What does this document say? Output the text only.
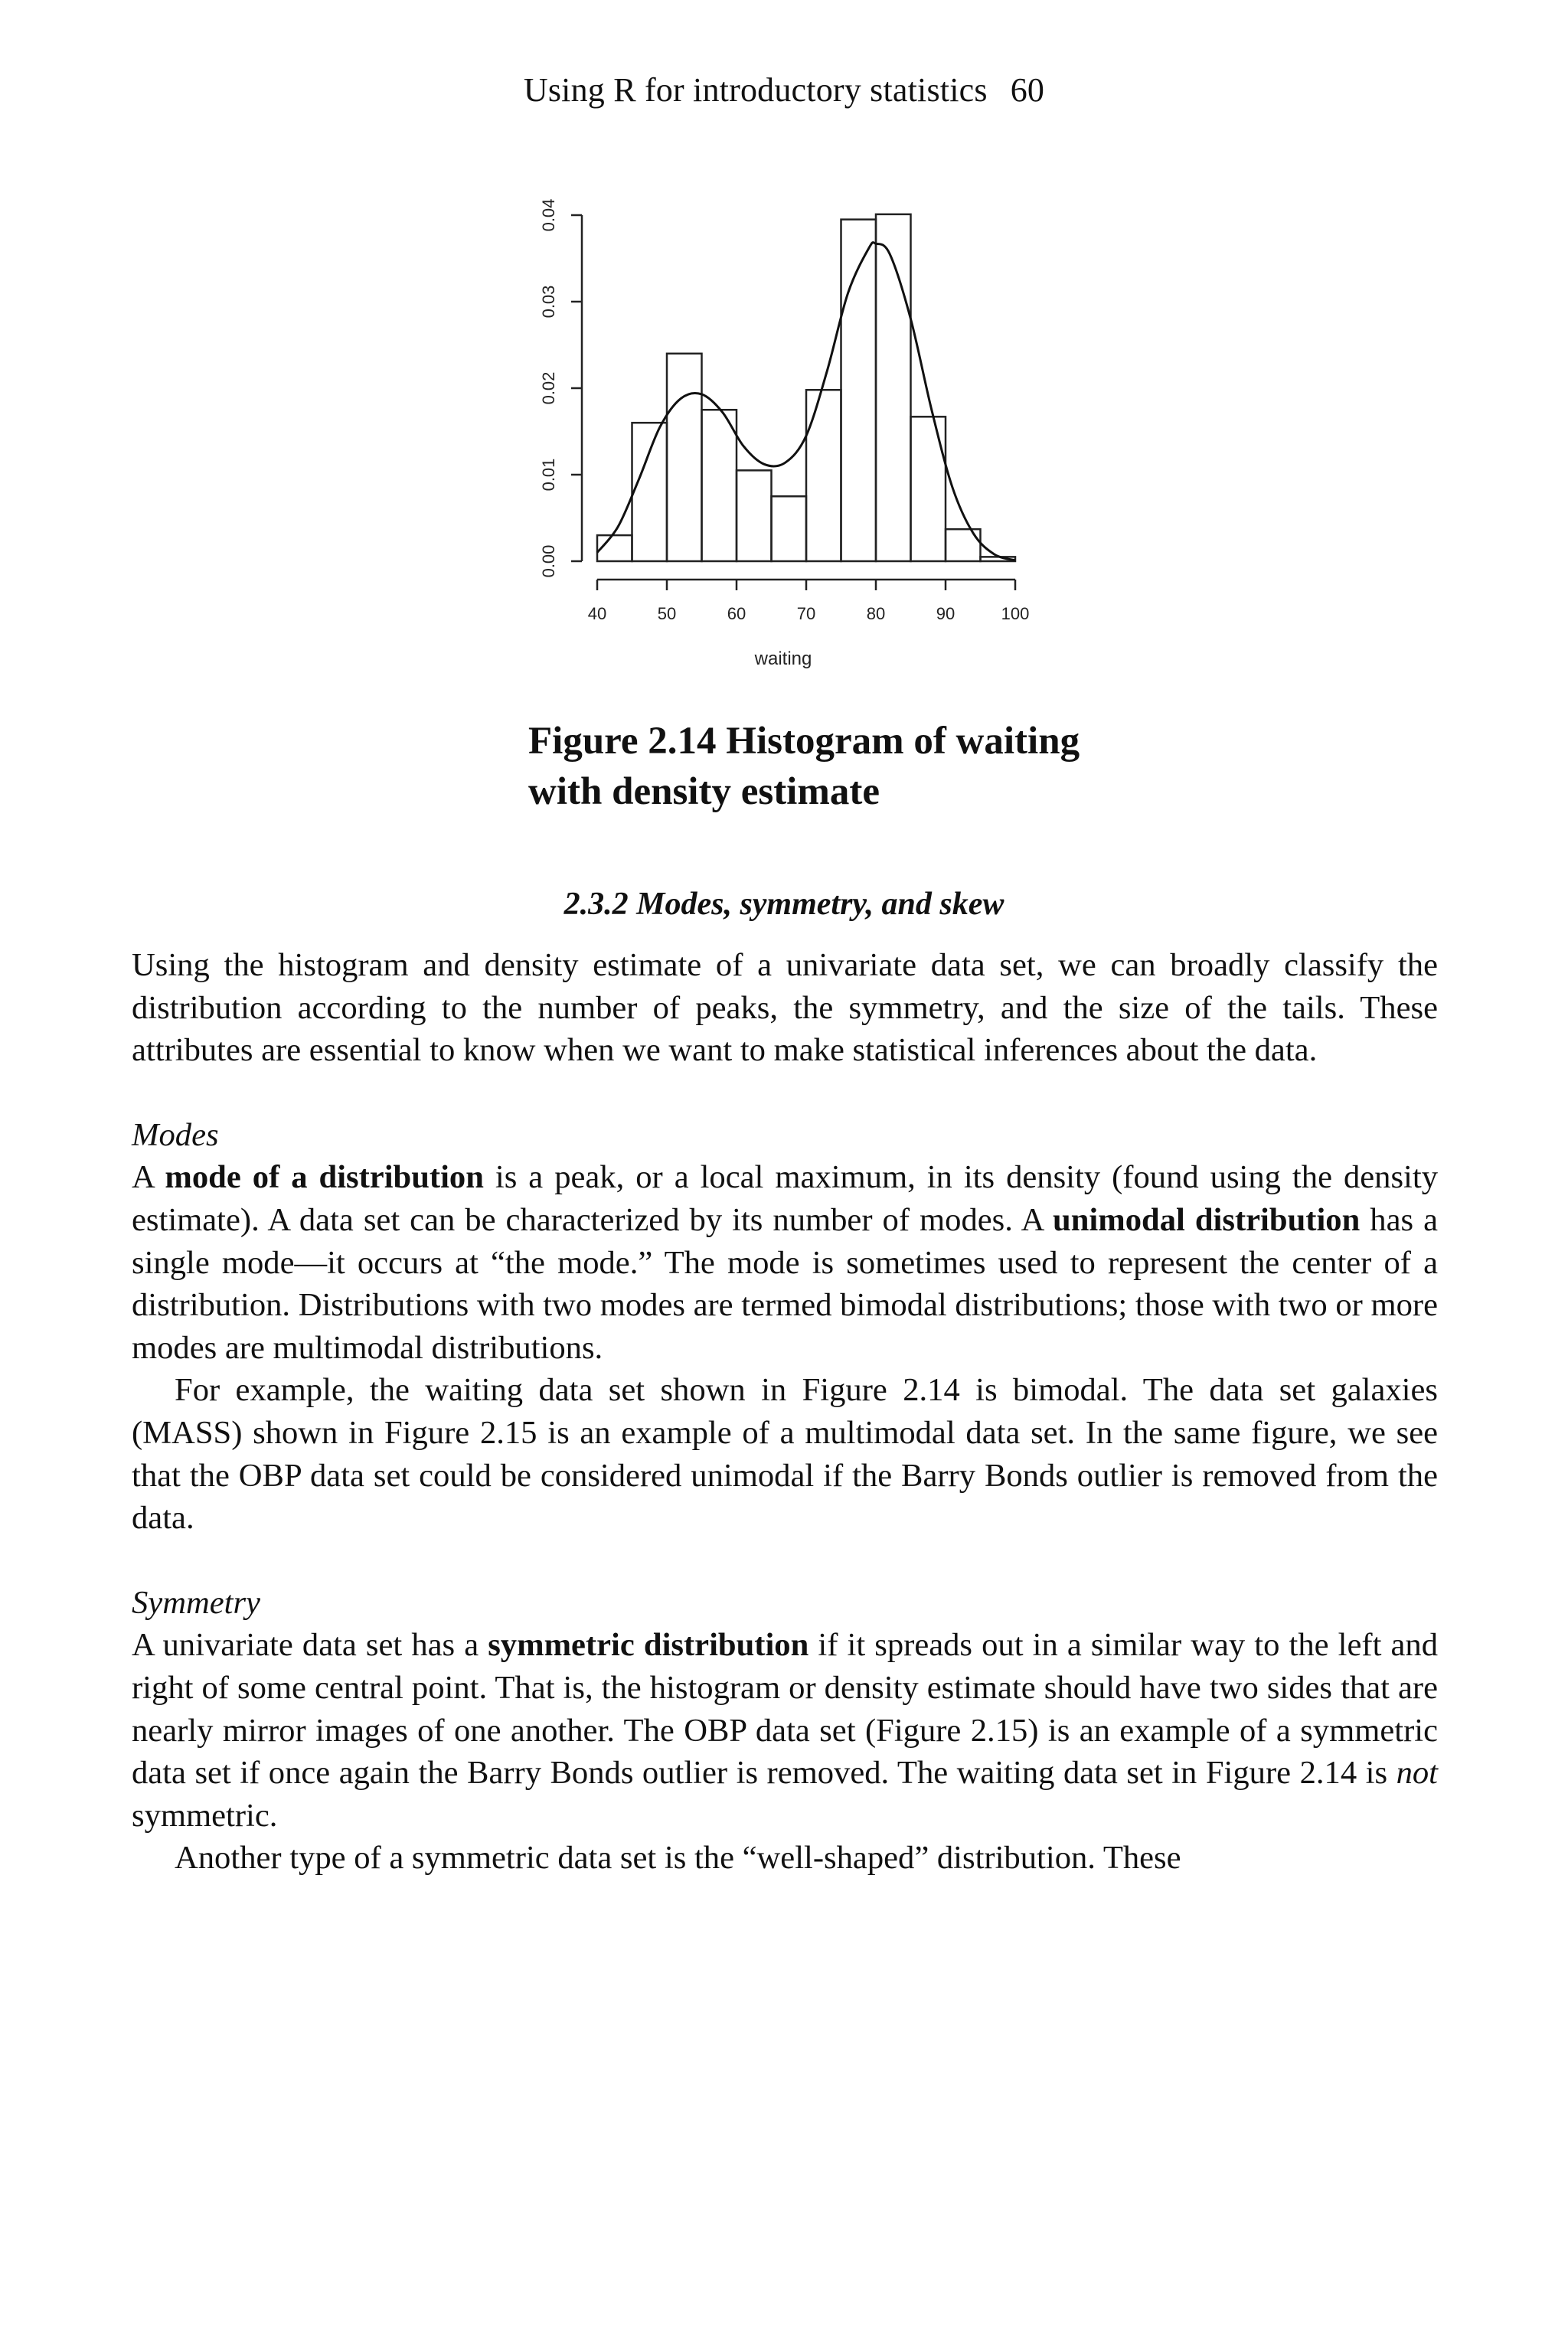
Using R for introductory statistics 60
0.00
0.01
0.02
0.03
0.04
40	50	60	70	80	90	100
waiting
Figure 2.14 Histogram of waiting
with density estimate
2.3.2 Modes, symmetry, and skew

Using the histogram and density estimate of a univariate data set, we can broadly classify the distribution according to the number of peaks, the symmetry, and the size of the tails. These attributes are essential to know when we want to make statistical inferences about the data.

Modes

A mode of a distribution is a peak, or a local maximum, in its density (found using the density estimate). A data set can be characterized by its number of modes. A unimodal distribution has a single mode—it occurs at “the mode.” The mode is sometimes used to represent the center of a distribution. Distributions with two modes are termed bimodal distributions; those with two or more modes are multimodal distributions.

For example, the waiting data set shown in Figure 2.14 is bimodal. The data set galaxies (MASS) shown in Figure 2.15 is an example of a multimodal data set. In the same figure, we see that the OBP data set could be considered unimodal if the Barry Bonds outlier is removed from the data.

Symmetry

A univariate data set has a symmetric distribution if it spreads out in a similar way to the left and right of some central point. That is, the histogram or density estimate should have two sides that are nearly mirror images of one another. The OBP data set (Figure 2.15) is an example of a symmetric data set if once again the Barry Bonds outlier is removed. The waiting data set in Figure 2.14 is not symmetric.

Another type of a symmetric data set is the “well-shaped” distribution. These
